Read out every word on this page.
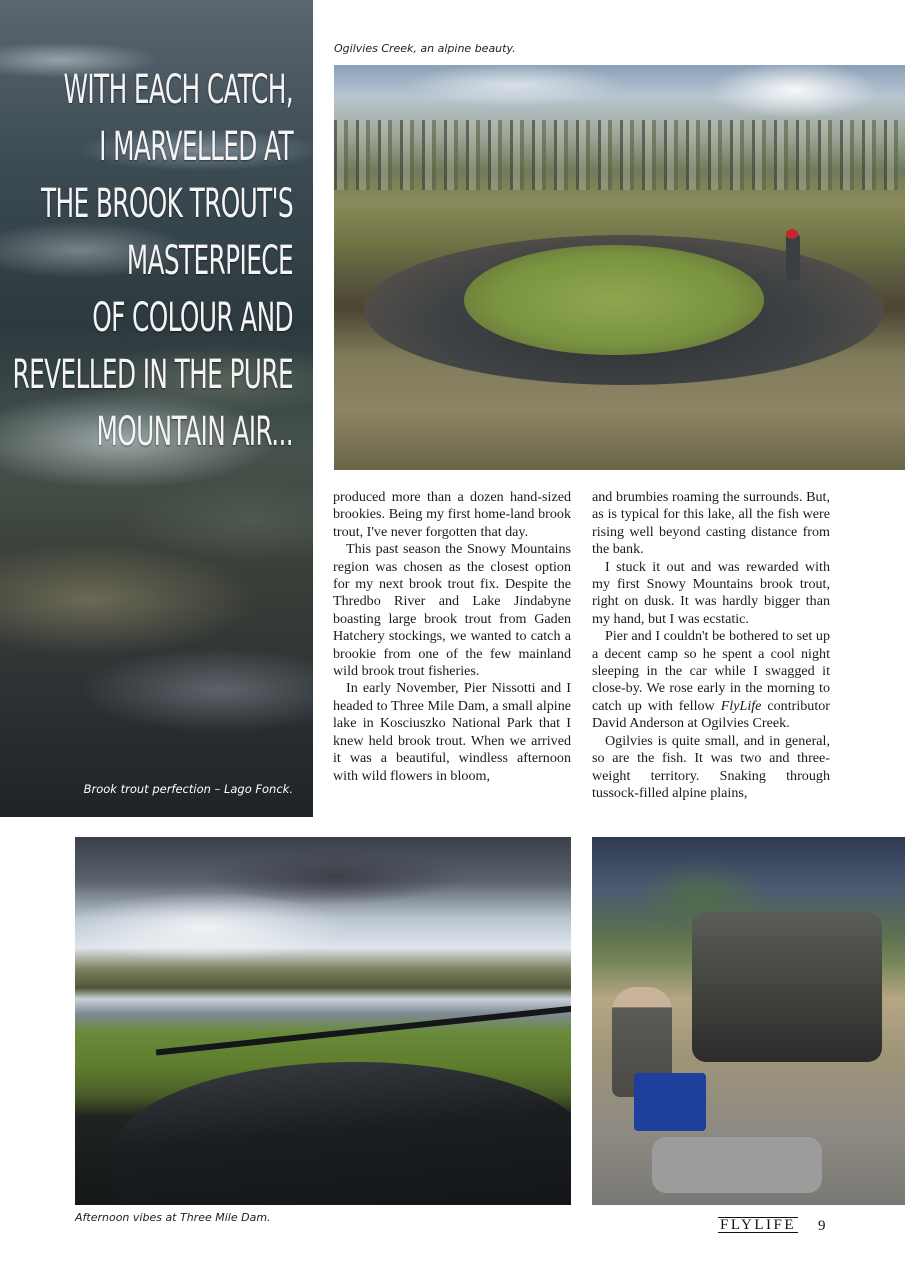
WITH EACH CATCH,
I MARVELLED AT
THE BROOK TROUT'S
MASTERPIECE
OF COLOUR AND
REVELLED IN THE PURE
MOUNTAIN AIR...
Brook trout perfection – Lago Fonck.
Ogilvies Creek, an alpine beauty.

produced more than a dozen hand-sized brookies. Being my first home-land brook trout, I've never forgotten that day.

This past season the Snowy Mountains region was chosen as the closest option for my next brook trout fix. Despite the Thredbo River and Lake Jindabyne boasting large brook trout from Gaden Hatchery stockings, we wanted to catch a brookie from one of the few mainland wild brook trout fisheries.

In early November, Pier Nissotti and I headed to Three Mile Dam, a small alpine lake in Kosciuszko National Park that I knew held brook trout. When we arrived it was a beautiful, windless afternoon with wild flowers in bloom,

and brumbies roaming the surrounds. But, as is typical for this lake, all the fish were rising well beyond casting distance from the bank.

I stuck it out and was rewarded with my first Snowy Mountains brook trout, right on dusk. It was hardly bigger than my hand, but I was ecstatic.

Pier and I couldn't be bothered to set up a decent camp so he spent a cool night sleeping in the car while I swagged it close-by. We rose early in the morning to catch up with fellow FlyLife contributor David Anderson at Ogilvies Creek.

Ogilvies is quite small, and in general, so are the fish. It was two and three-weight territory. Snaking through tussock-filled alpine plains,

Afternoon vibes at Three Mile Dam.	FLYLIFE 9
